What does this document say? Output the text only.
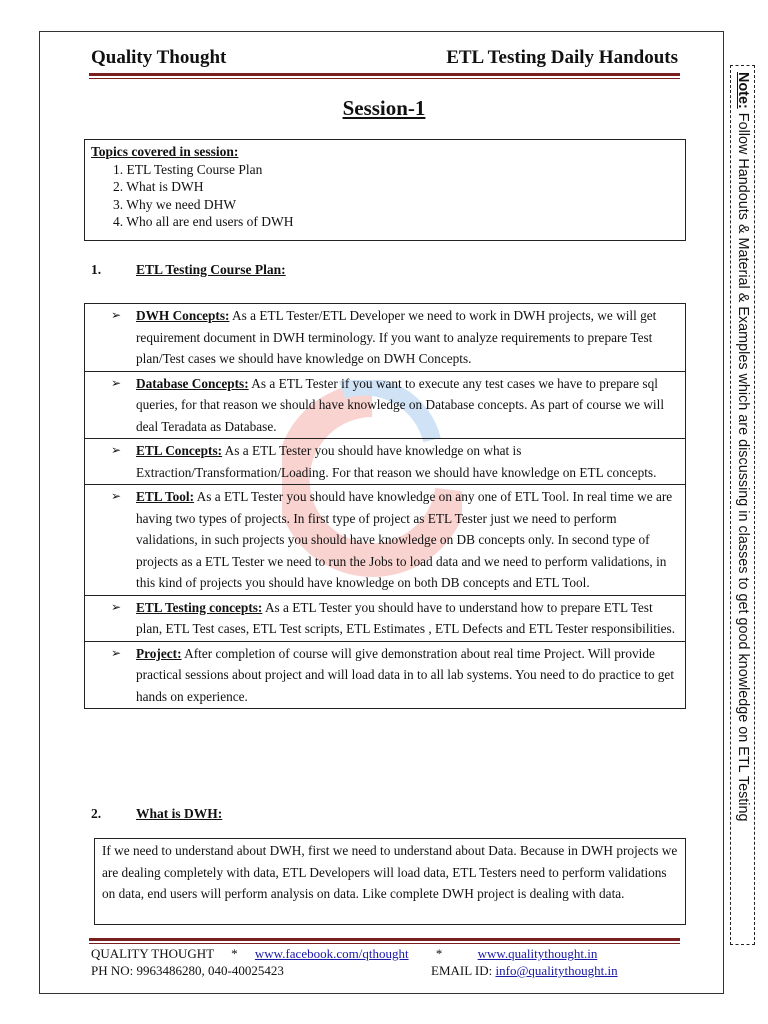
Quality Thought	ETL Testing Daily Handouts
Session-1
Topics covered in session:
1. ETL Testing Course Plan
2. What is DWH
3. Why we need DHW
4. Who all are end users of DWH
1.	ETL Testing Course Plan:
➢ DWH Concepts: As a ETL Tester/ETL Developer we need to work in DWH projects, we will get requirement document in DWH terminology. If you want to analyze requirements to prepare Test plan/Test cases we should have knowledge on DWH Concepts.
➢ Database Concepts: As a ETL Tester if you want to execute any test cases we have to prepare sql queries, for that reason we should have knowledge on Database concepts. As part of course we will deal Teradata as Database.
➢ ETL Concepts: As a ETL Tester you should have knowledge on what is Extraction/Transformation/Loading. For that reason we should have knowledge on ETL concepts.
➢ ETL Tool: As a ETL Tester you should have knowledge on any one of ETL Tool. In real time we are having two types of projects. In first type of project as ETL Tester just we need to perform validations, in such projects you should have knowledge on DB concepts only. In second type of projects as a ETL Tester we need to run the Jobs to load data and we need to perform validations, in this kind of projects you should have knowledge on both DB concepts and ETL Tool.
➢ ETL Testing concepts: As a ETL Tester you should have to understand how to prepare ETL Test plan, ETL Test cases, ETL Test scripts, ETL Estimates , ETL Defects and ETL Tester responsibilities.
➢ Project: After completion of course will give demonstration about real time Project. Will provide practical sessions about project and will load data in to all lab systems. You need to do practice to get hands on experience.
2.	What is DWH:
If we need to understand about DWH, first we need to understand about Data. Because in DWH projects we are dealing completely with data, ETL Developers will load data, ETL Testers need to perform validations on data, end users will perform analysis on data. Like complete DWH project is dealing with data.
QUALITY THOUGHT * www.facebook.com/qthought *	www.qualitythought.in
PH NO: 9963486280, 040-40025423	EMAIL ID: info@qualitythought.in
Note: Follow Handouts & Material & Examples which are discussing in classes to get good knowledge on ETL Testing
